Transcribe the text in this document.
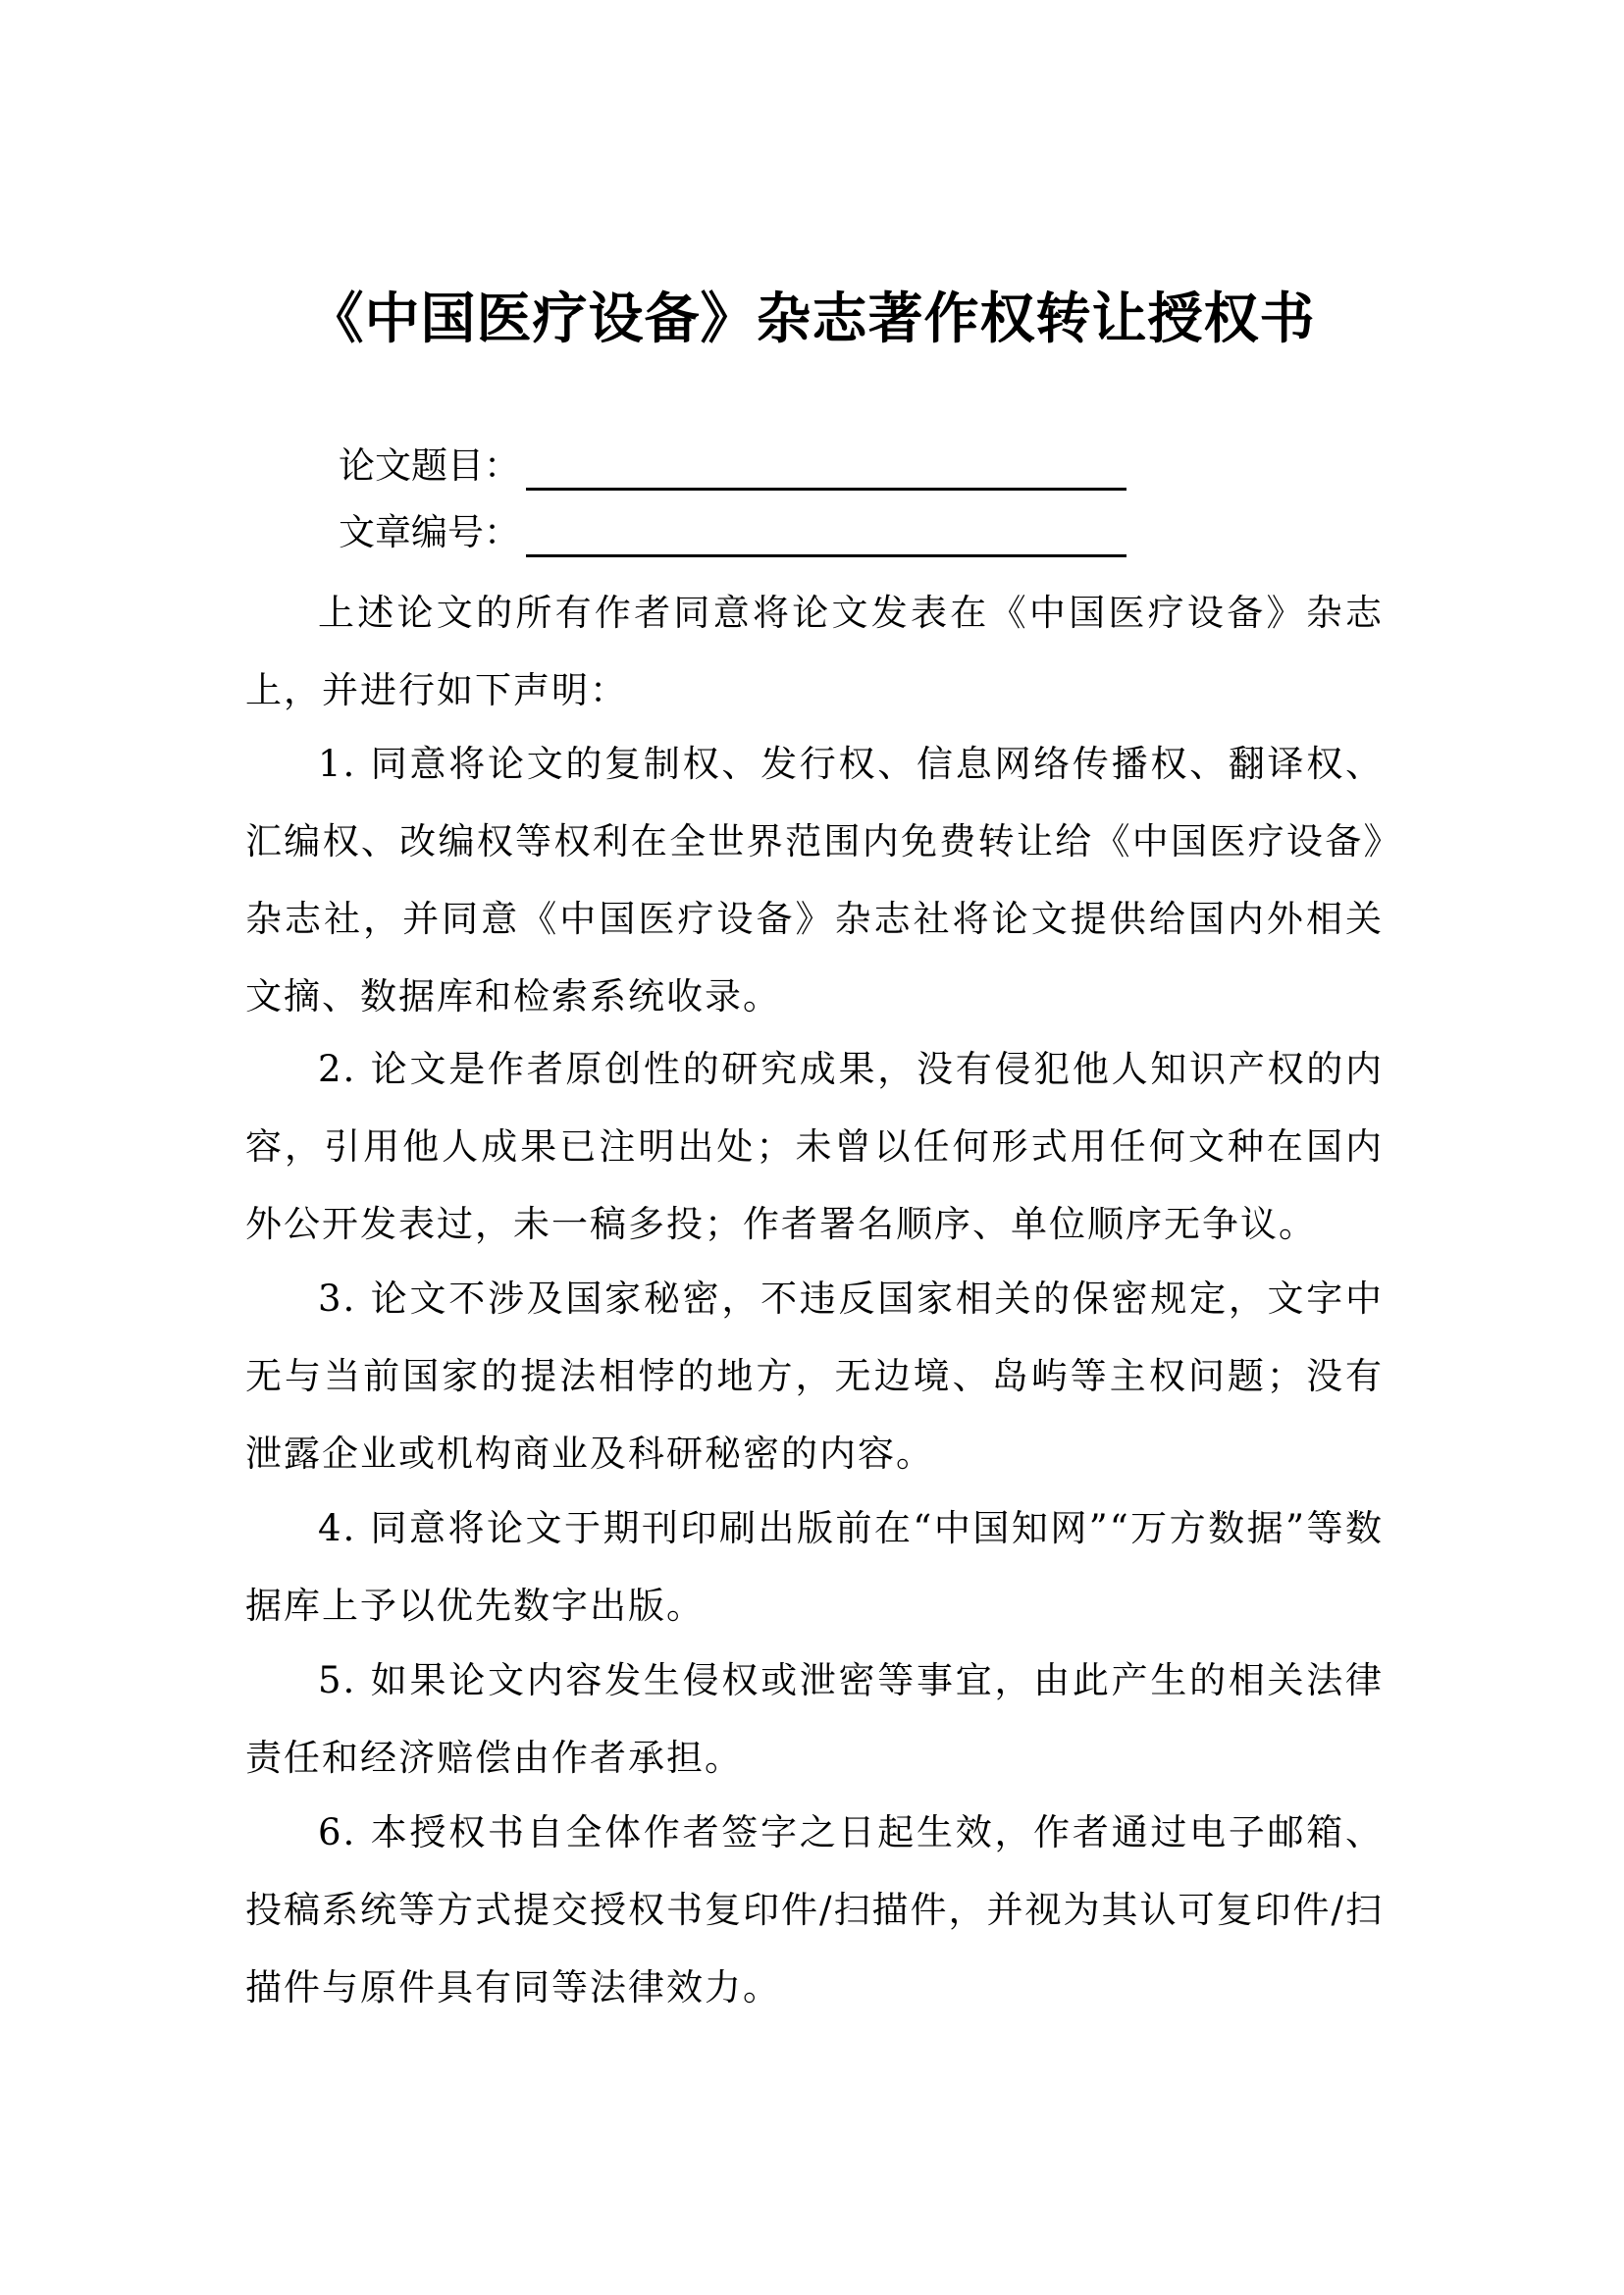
《中国医疗设备》杂志著作权转让授权书
论文题目：
文章编号：

上述论文的所有作者同意将论文发表在《中国医疗设备》杂志上，并进行如下声明：

1. 同意将论文的复制权、发行权、信息网络传播权、翻译权、汇编权、改编权等权利在全世界范围内免费转让给《中国医疗设备》杂志社，并同意《中国医疗设备》杂志社将论文提供给国内外相关文摘、数据库和检索系统收录。

2. 论文是作者原创性的研究成果，没有侵犯他人知识产权的内容，引用他人成果已注明出处；未曾以任何形式用任何文种在国内外公开发表过，未一稿多投；作者署名顺序、单位顺序无争议。

3. 论文不涉及国家秘密，不违反国家相关的保密规定，文字中无与当前国家的提法相悖的地方，无边境、岛屿等主权问题；没有泄露企业或机构商业及科研秘密的内容。

4. 同意将论文于期刊印刷出版前在“中国知网”“万方数据”等数据库上予以优先数字出版。

5. 如果论文内容发生侵权或泄密等事宜，由此产生的相关法律责任和经济赔偿由作者承担。

6. 本授权书自全体作者签字之日起生效，作者通过电子邮箱、投稿系统等方式提交授权书复印件/扫描件，并视为其认可复印件/扫描件与原件具有同等法律效力。
